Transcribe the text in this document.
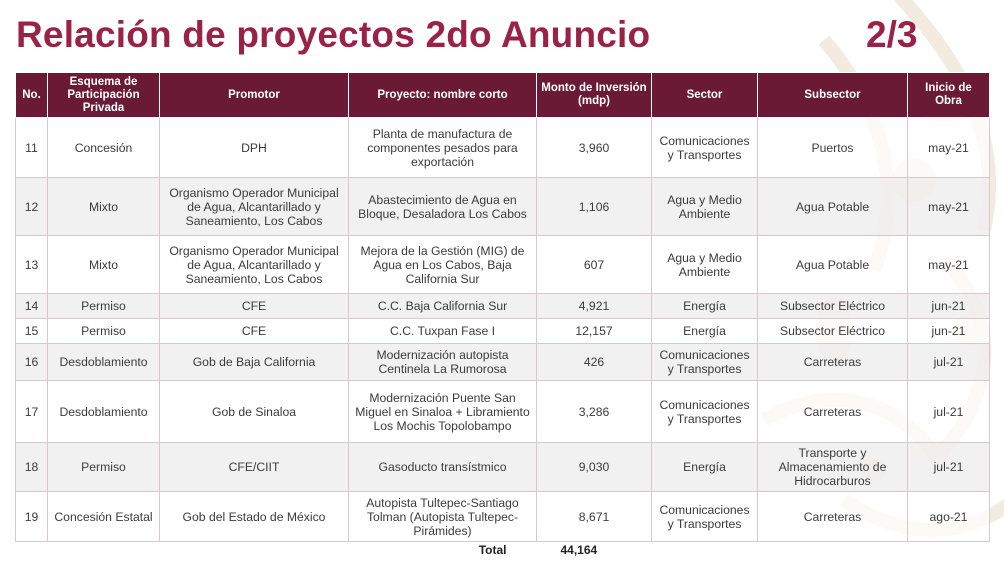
Relación de proyectos 2do Anuncio	2/3
No.	Esquema de Participación Privada	Promotor	Proyecto: nombre corto	Monto de Inversión (mdp)	Sector	Subsector	Inicio de Obra
11	Concesión	DPH	Planta de manufactura de componentes pesados para exportación	3,960	Comunicaciones y Transportes	Puertos	may-21
12	Mixto	Organismo Operador Municipal de Agua, Alcantarillado y Saneamiento, Los Cabos	Abastecimiento de Agua en Bloque, Desaladora Los Cabos	1,106	Agua y Medio Ambiente	Agua Potable	may-21
13	Mixto	Organismo Operador Municipal de Agua, Alcantarillado y Saneamiento, Los Cabos	Mejora de la Gestión (MIG) de Agua en Los Cabos, Baja California Sur	607	Agua y Medio Ambiente	Agua Potable	may-21
14	Permiso	CFE	C.C. Baja California Sur	4,921	Energía	Subsector Eléctrico	jun-21
15	Permiso	CFE	C.C. Tuxpan Fase I	12,157	Energía	Subsector Eléctrico	jun-21
16	Desdoblamiento	Gob de Baja California	Modernización autopista Centinela La Rumorosa	426	Comunicaciones y Transportes	Carreteras	jul-21
17	Desdoblamiento	Gob de Sinaloa	Modernización Puente San Miguel en Sinaloa + Libramiento Los Mochis Topolobampo	3,286	Comunicaciones y Transportes	Carreteras	jul-21
18	Permiso	CFE/CIIT	Gasoducto transístmico	9,030	Energía	Transporte y Almacenamiento de Hidrocarburos	jul-21
19	Concesión Estatal	Gob del Estado de México	Autopista Tultepec-Santiago Tolman (Autopista Tultepec-Pirámides)	8,671	Comunicaciones y Transportes	Carreteras	ago-21
			Total	44,164			
